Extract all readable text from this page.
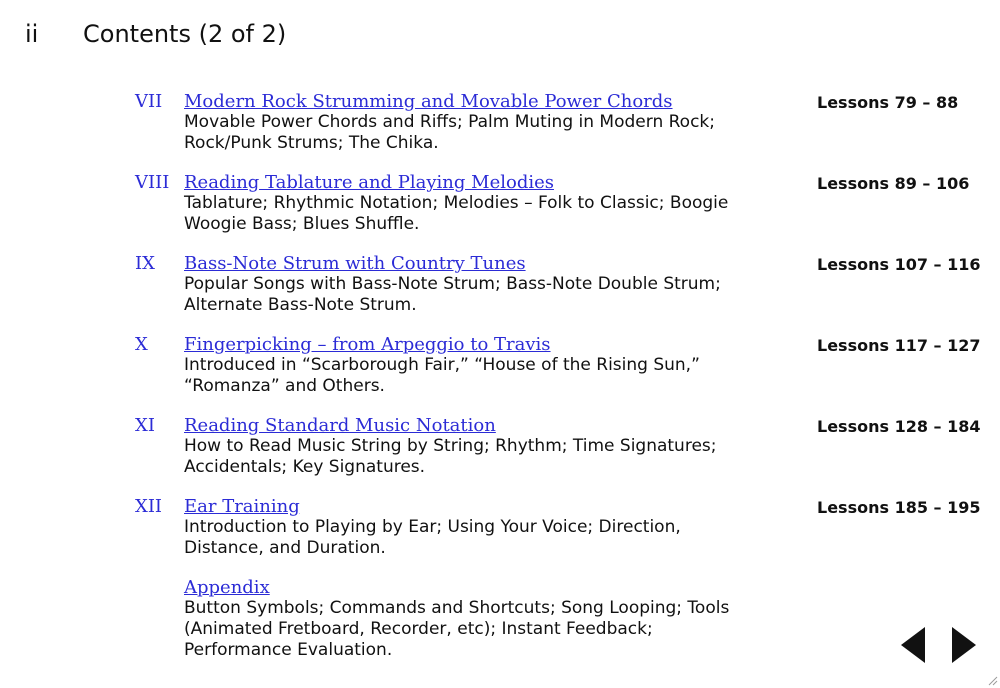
ii Contents (2 of 2)
VII Modern Rock Strumming and Movable Power Chords
Movable Power Chords and Riffs; Palm Muting in Modern Rock; Rock/Punk Strums; The Chika.
Lessons 79 – 88
VIII Reading Tablature and Playing Melodies
Tablature; Rhythmic Notation; Melodies – Folk to Classic; Boogie Woogie Bass; Blues Shuffle.
Lessons 89 – 106
IX Bass-Note Strum with Country Tunes
Popular Songs with Bass-Note Strum; Bass-Note Double Strum; Alternate Bass-Note Strum.
Lessons 107 – 116
X Fingerpicking – from Arpeggio to Travis
Introduced in “Scarborough Fair,” “House of the Rising Sun,” “Romanza” and Others.
Lessons 117 – 127
XI Reading Standard Music Notation
How to Read Music String by String; Rhythm; Time Signatures; Accidentals; Key Signatures.
Lessons 128 – 184
XII Ear Training
Introduction to Playing by Ear; Using Your Voice; Direction, Distance, and Duration.
Lessons 185 – 195
Appendix
Button Symbols; Commands and Shortcuts; Song Looping; Tools (Animated Fretboard, Recorder, etc); Instant Feedback; Performance Evaluation.
